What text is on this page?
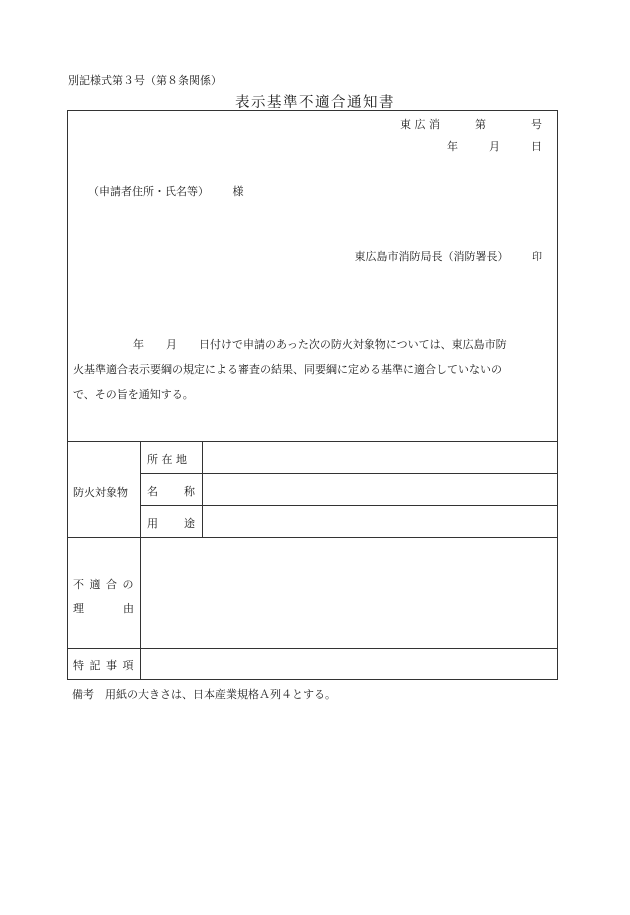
別記様式第３号（第８条関係）
表示基準不適合通知書
東 広 消	第	号
年	月	日
（申請者住所・氏名等） 様
東広島市消防局長（消防署長） 印
年　　月　　日付けで申請のあった次の防火対象物については、東広島市防
火基準適合表示要綱の規定による審査の結果、同要綱に定める基準に適合していないの
で、その旨を通知する。
防火対象物
所 在 地
名 称
用 途
不 適 合 の
理	由
特 記 事 項
備考　用紙の大きさは、日本産業規格Ａ列４とする。
